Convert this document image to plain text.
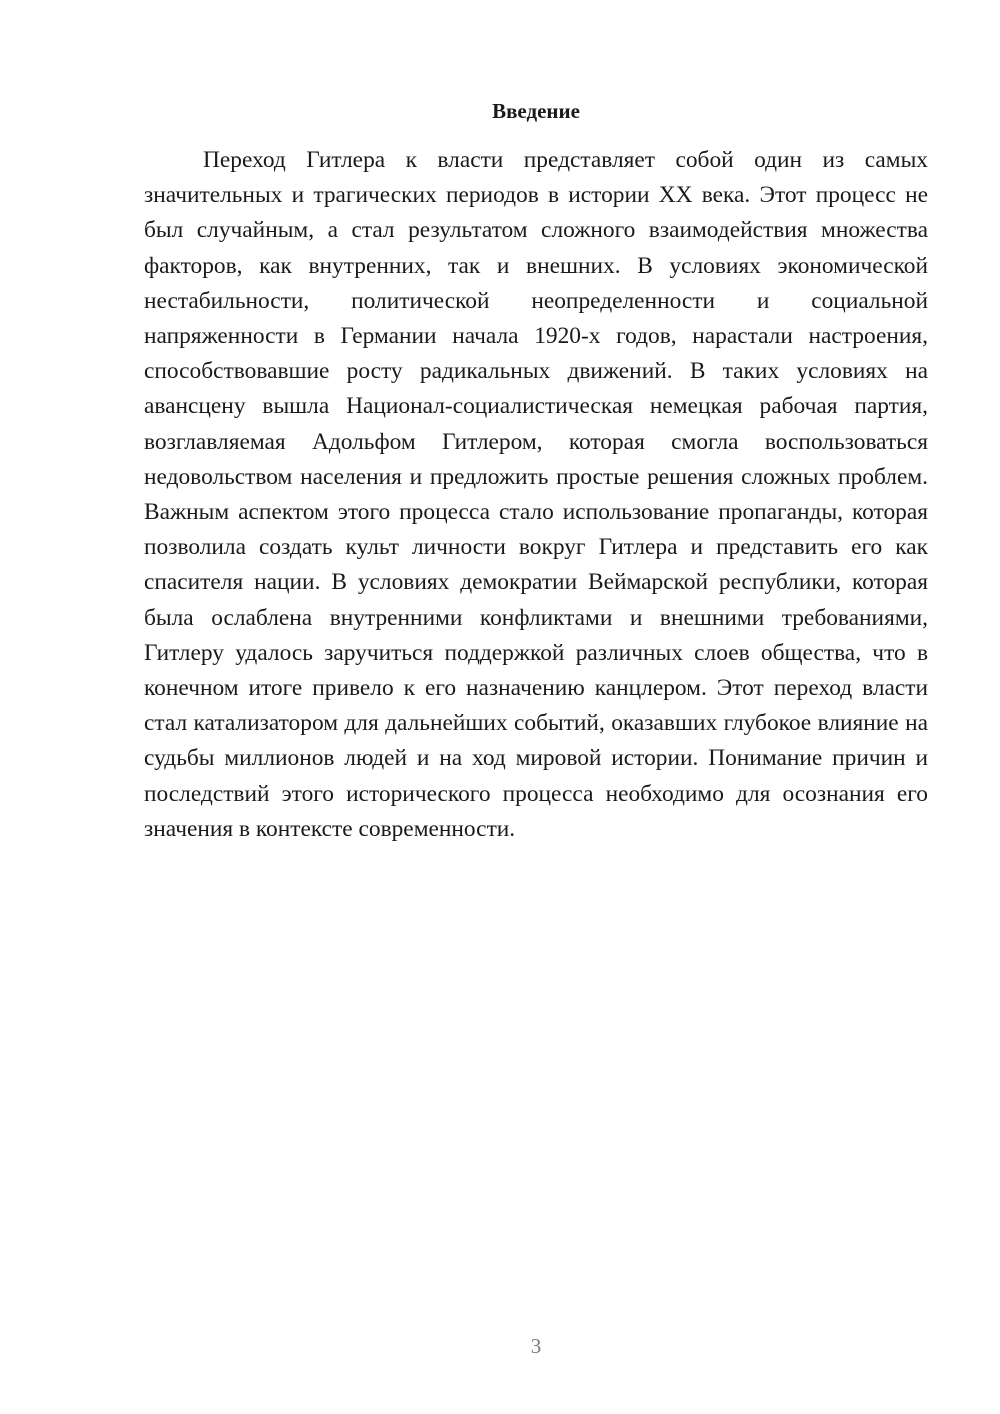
Введение

Переход Гитлера к власти представляет собой один из самых значительных и трагических периодов в истории XX века. Этот процесс не был случайным, а стал результатом сложного взаимодействия множества факторов, как внутренних, так и внешних. В условиях экономической нестабильности, политической неопределенности и социальной напряженности в Германии начала 1920-х годов, нарастали настроения, способствовавшие росту радикальных движений. В таких условиях на авансцену вышла Национал-социалистическая немецкая рабочая партия, возглавляемая Адольфом Гитлером, которая смогла воспользоваться недовольством населения и предложить простые решения сложных проблем. Важным аспектом этого процесса стало использование пропаганды, которая позволила создать культ личности вокруг Гитлера и представить его как спасителя нации. В условиях демократии Веймарской республики, которая была ослаблена внутренними конфликтами и внешними требованиями, Гитлеру удалось заручиться поддержкой различных слоев общества, что в конечном итоге привело к его назначению канцлером. Этот переход власти стал катализатором для дальнейших событий, оказавших глубокое влияние на судьбы миллионов людей и на ход мировой истории. Понимание причин и последствий этого исторического процесса необходимо для осознания его значения в контексте современности.

3
